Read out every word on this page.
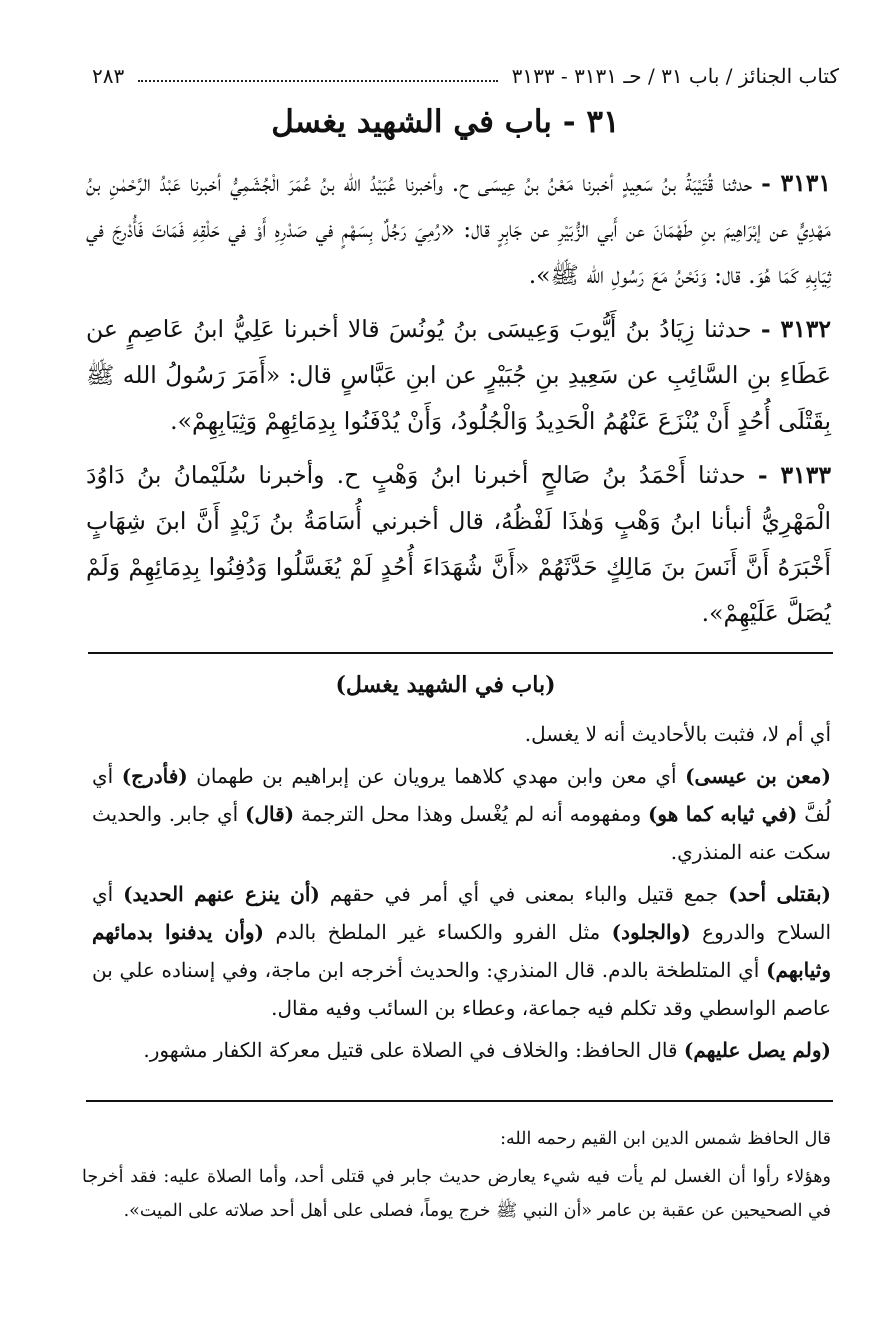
كتاب الجنائز / باب ٣١ / حـ ٣١٣١ - ٣١٣٣
٢٨٣
٣١ - باب في الشهيد يغسل

٣١٣١ - حدثنا قُتَيْبَةُ بنُ سَعِيدٍ أخبرنا مَعْنُ بنُ عِيسَى ح. وأخبرنا عُبَيْدُ الله بنُ عُمَرَ الْجُشَمِيُّ أخبرنا عَبْدُ الرَّحْمٰنِ بنُ مَهْدِيٍّ عن إبْرَاهِيمَ بنِ طَهْمَانَ عن أَبي الزُّبَيْرِ عن جَابِرٍ قال: «رُمِيَ رَجُلٌ بِسَهْمٍ في صَدْرِهِ أَوْ في حَلْقِهِ فَمَاتَ فَأُدْرِجَ في ثِيَابِهِ كَمَا هُوَ. قال: وَنَحْنُ مَعَ رَسُولِ الله ﷺ».

٣١٣٢ - حدثنا زِيَادُ بنُ أَيُّوبَ وَعِيسَى بنُ يُونُسَ قالا أخبرنا عَلِيُّ ابنُ عَاصِمٍ عن عَطَاءِ بنِ السَّائِبِ عن سَعِيدِ بنِ جُبَيْرٍ عن ابنِ عَبَّاسٍ قال: «أَمَرَ رَسُولُ الله ﷺ بِقَتْلَى أُحُدٍ أَنْ يُنْزَعَ عَنْهُمُ الْحَدِيدُ وَالْجُلُودُ، وَأَنْ يُدْفَنُوا بِدِمَائِهِمْ وَثِيَابِهِمْ».

٣١٣٣ - حدثنا أَحْمَدُ بنُ صَالحٍ أخبرنا ابنُ وَهْبٍ ح. وأخبرنا سُلَيْمانُ بنُ دَاوُدَ الْمَهْرِيُّ أنبأنا ابنُ وَهْبٍ وَهٰذَا لَفْظُهُ، قال أخبرني أُسَامَةُ بنُ زَيْدٍ أَنَّ ابنَ شِهَابٍ أَخْبَرَهُ أَنَّ أَنَسَ بنَ مَالِكٍ حَدَّثَهُمْ «أَنَّ شُهَدَاءَ أُحُدٍ لَمْ يُغَسَّلُوا وَدُفِنُوا بِدِمَائِهِمْ وَلَمْ يُصَلَّ عَلَيْهِمْ».

(باب في الشهيد يغسل)

أي أم لا، فثبت بالأحاديث أنه لا يغسل.

(معن بن عيسى) أي معن وابن مهدي كلاهما يرويان عن إبراهيم بن طهمان (فأدرج) أي لُفَّ (في ثيابه كما هو) ومفهومه أنه لم يُغْسل وهذا محل الترجمة (قال) أي جابر. والحديث سكت عنه المنذري.

(بقتلى أحد) جمع قتيل والباء بمعنى في أي أمر في حقهم (أن ينزع عنهم الحديد) أي السلاح والدروع (والجلود) مثل الفرو والكساء غير الملطخ بالدم (وأن يدفنوا بدمائهم وثيابهم) أي المتلطخة بالدم. قال المنذري: والحديث أخرجه ابن ماجة، وفي إسناده علي بن عاصم الواسطي وقد تكلم فيه جماعة، وعطاء بن السائب وفيه مقال.

(ولم يصل عليهم) قال الحافظ: والخلاف في الصلاة على قتيل معركة الكفار مشهور.

قال الحافظ شمس الدين ابن القيم رحمه الله:

وهؤلاء رأوا أن الغسل لم يأت فيه شيء يعارض حديث جابر في قتلى أحد، وأما الصلاة عليه: فقد أخرجا في الصحيحين عن عقبة بن عامر «أن النبي ﷺ خرج يوماً، فصلى على أهل أحد صلاته على الميت».
